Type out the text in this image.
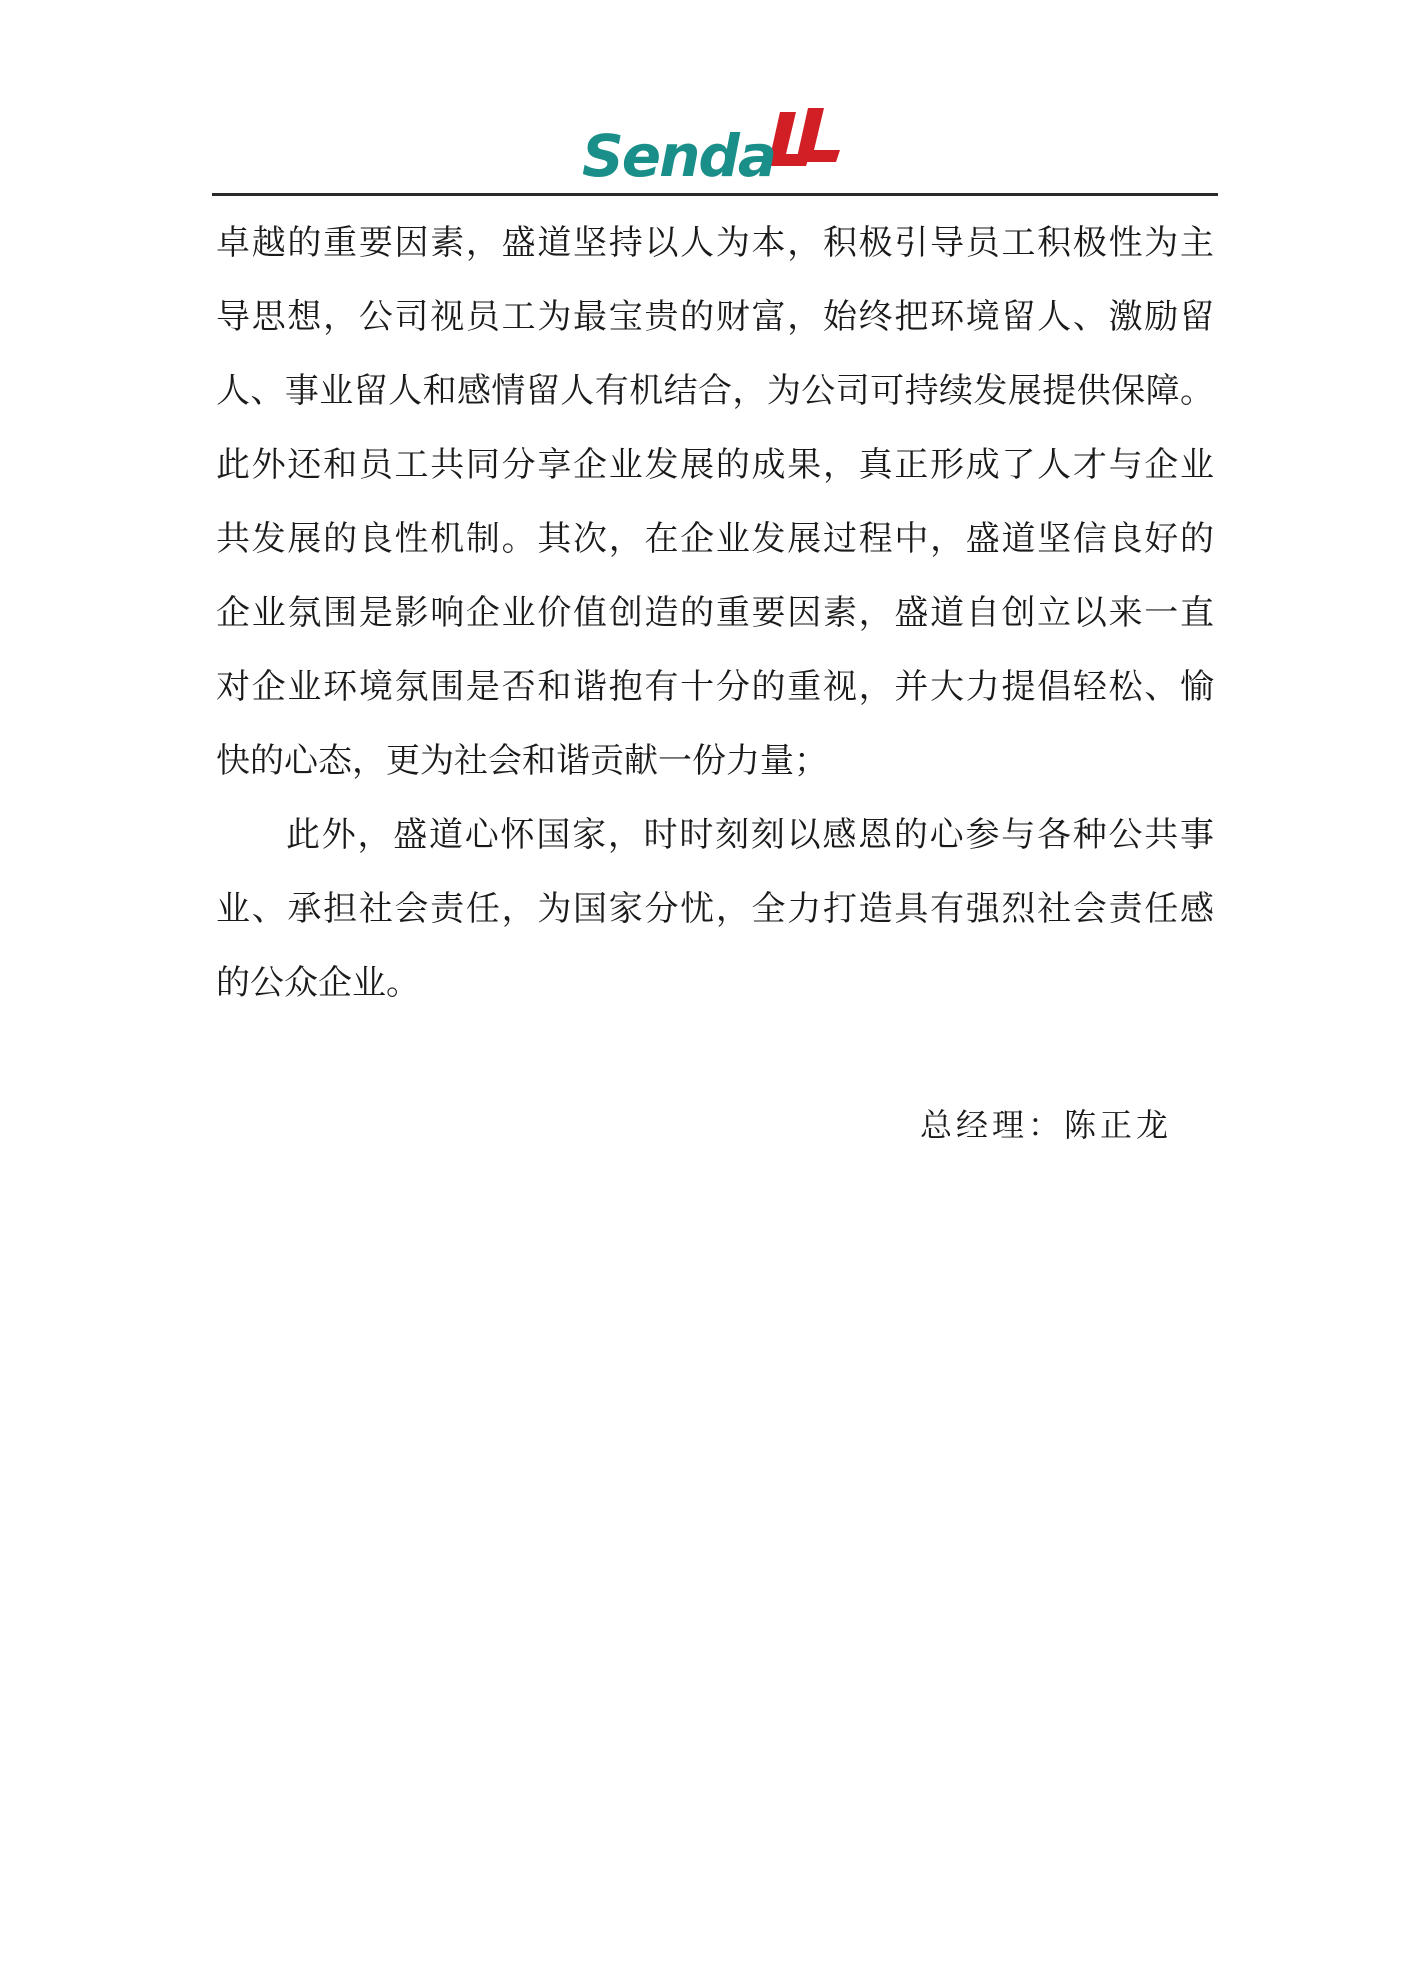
Senda
卓越的重要因素，盛道坚持以人为本，积极引导员工积极性为主
导思想，公司视员工为最宝贵的财富，始终把环境留人、激励留
人、事业留人和感情留人有机结合，为公司可持续发展提供保障。
此外还和员工共同分享企业发展的成果，真正形成了人才与企业
共发展的良性机制。其次，在企业发展过程中，盛道坚信良好的
企业氛围是影响企业价值创造的重要因素，盛道自创立以来一直
对企业环境氛围是否和谐抱有十分的重视，并大力提倡轻松、愉
快的心态，更为社会和谐贡献一份力量；
此外，盛道心怀国家，时时刻刻以感恩的心参与各种公共事
业、承担社会责任，为国家分忧，全力打造具有强烈社会责任感
的公众企业。
总经理：陈正龙
